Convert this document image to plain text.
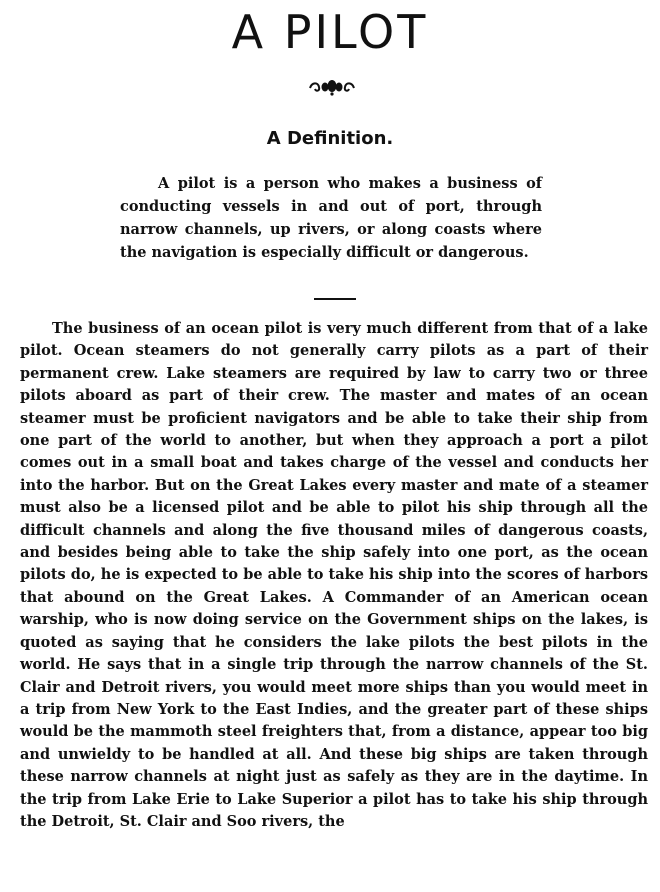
A PILOT
A Definition.

A pilot is a person who makes a business of conducting vessels in and out of port, through narrow channels, up rivers, or along coasts where the navigation is especially difficult or dangerous.

The business of an ocean pilot is very much different from that of a lake pilot. Ocean steamers do not generally carry pilots as a part of their permanent crew. Lake steamers are required by law to carry two or three pilots aboard as part of their crew. The master and mates of an ocean steamer must be proficient navigators and be able to take their ship from one part of the world to another, but when they approach a port a pilot comes out in a small boat and takes charge of the vessel and conducts her into the harbor. But on the Great Lakes every master and mate of a steamer must also be a licensed pilot and be able to pilot his ship through all the difficult channels and along the five thousand miles of dangerous coasts, and besides being able to take the ship safely into one port, as the ocean pilots do, he is expected to be able to take his ship into the scores of harbors that abound on the Great Lakes. A Commander of an American ocean warship, who is now doing service on the Government ships on the lakes, is quoted as saying that he considers the lake pilots the best pilots in the world. He says that in a single trip through the narrow channels of the St. Clair and Detroit rivers, you would meet more ships than you would meet in a trip from New York to the East Indies, and the greater part of these ships would be the mammoth steel freighters that, from a distance, appear too big and unwieldy to be handled at all. And these big ships are taken through these narrow channels at night just as safely as they are in the daytime. In the trip from Lake Erie to Lake Superior a pilot has to take his ship through the Detroit, St. Clair and Soo rivers, the
